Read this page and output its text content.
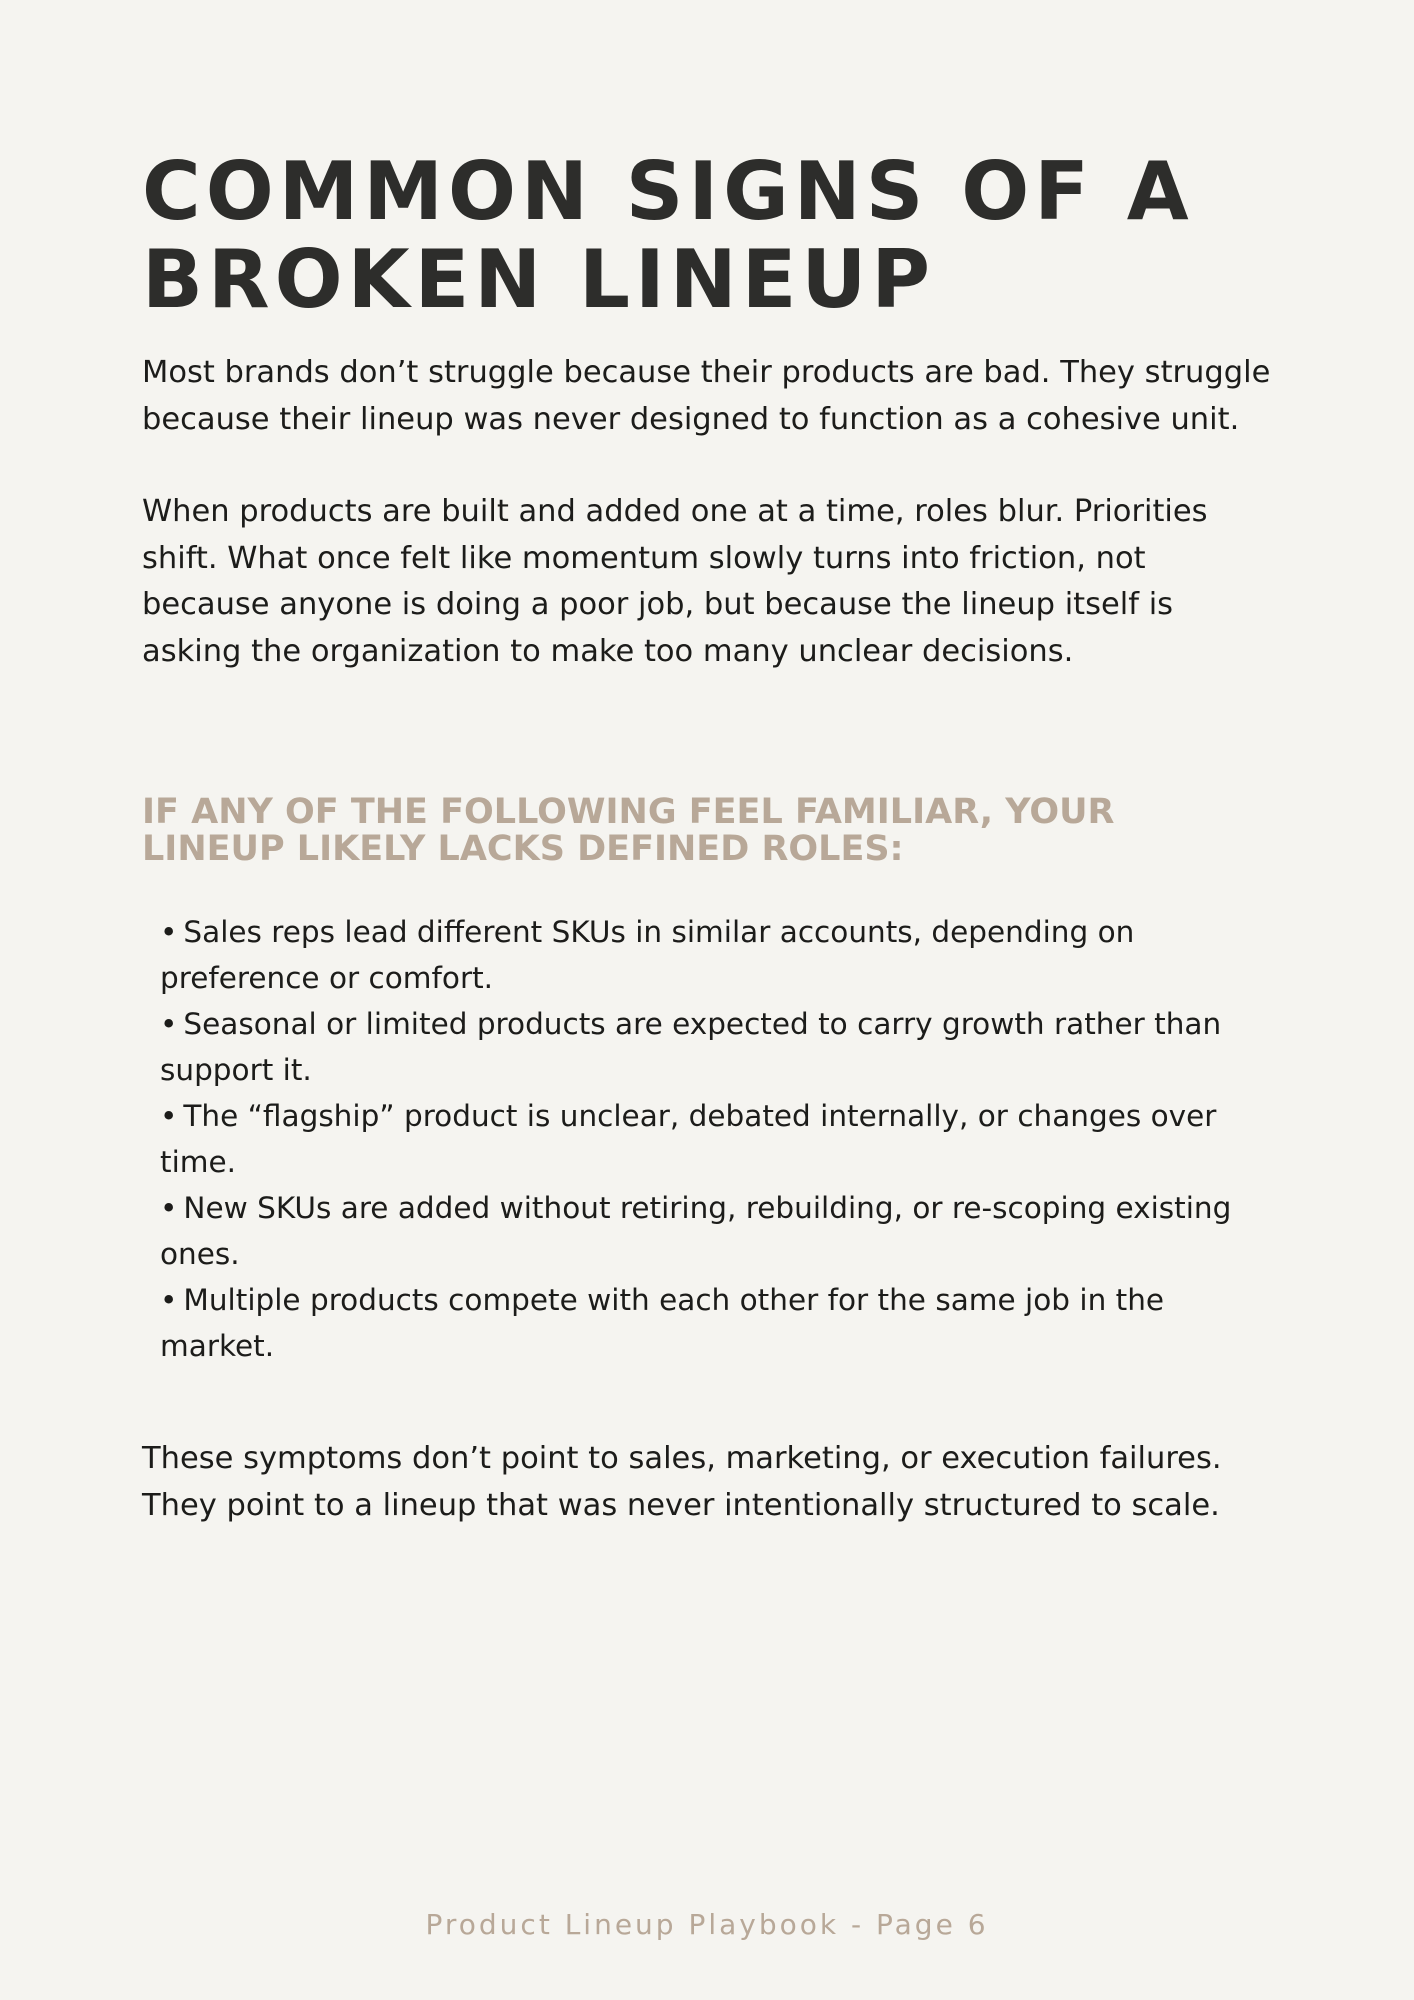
COMMON SIGNS OF A BROKEN LINEUP

Most brands don’t struggle because their products are bad. They struggle because their lineup was never designed to function as a cohesive unit.

When products are built and added one at a time, roles blur. Priorities shift. What once felt like momentum slowly turns into friction, not because anyone is doing a poor job, but because the lineup itself is asking the organization to make too many unclear decisions.

IF ANY OF THE FOLLOWING FEEL FAMILIAR, YOUR LINEUP LIKELY LACKS DEFINED ROLES:
• Sales reps lead different SKUs in similar accounts, depending on preference or comfort.
• Seasonal or limited products are expected to carry growth rather than support it.
• The “flagship” product is unclear, debated internally, or changes over time.
• New SKUs are added without retiring, rebuilding, or re-scoping existing ones.
• Multiple products compete with each other for the same job in the market.

These symptoms don’t point to sales, marketing, or execution failures. They point to a lineup that was never intentionally structured to scale.

Product Lineup Playbook - Page 6
